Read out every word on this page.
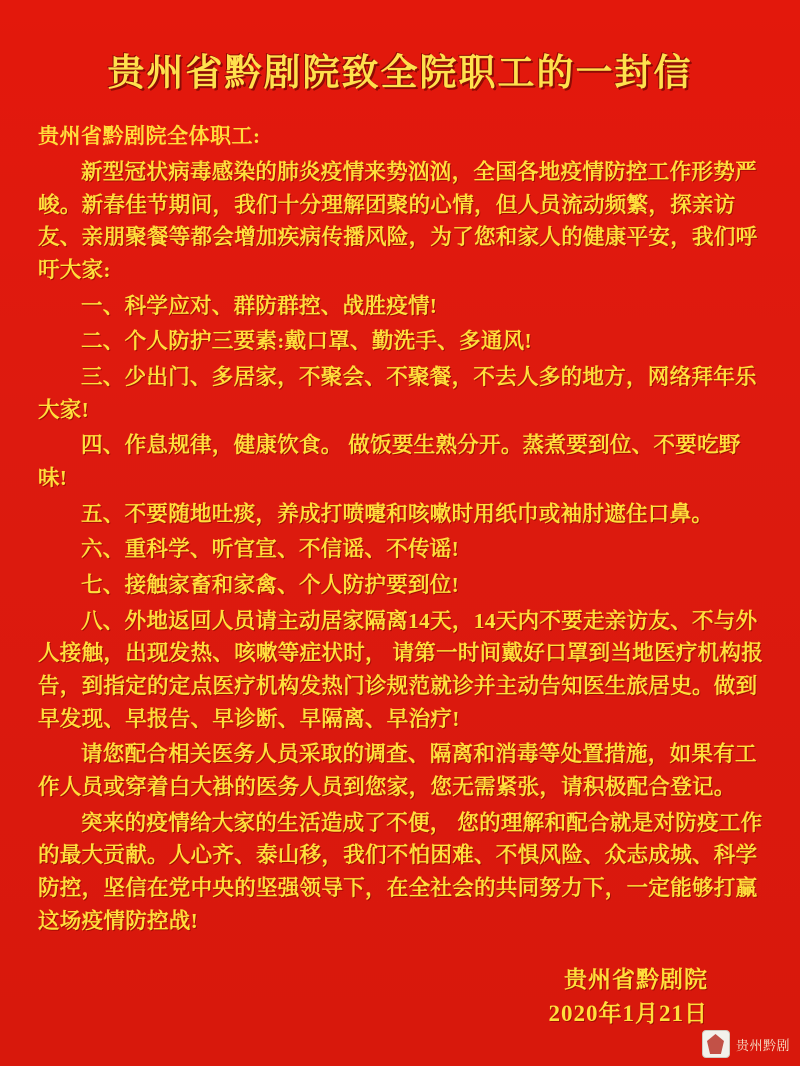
贵州省黔剧院致全院职工的一封信
贵州省黔剧院全体职工:

新型冠状病毒感染的肺炎疫情来势汹汹，全国各地疫情防控工作形势严峻。新春佳节期间，我们十分理解团聚的心情，但人员流动频繁，探亲访友、亲朋聚餐等都会增加疾病传播风险，为了您和家人的健康平安，我们呼吁大家:

一、科学应对、群防群控、战胜疫情!

二、个人防护三要素:戴口罩、勤洗手、多通风!

三、少出门、多居家，不聚会、不聚餐，不去人多的地方，网络拜年乐大家!

四、作息规律，健康饮食。 做饭要生熟分开。蒸煮要到位、不要吃野味!

五、不要随地吐痰，养成打喷嚏和咳嗽时用纸巾或袖肘遮住口鼻。

六、重科学、听官宣、不信谣、不传谣!

七、接触家畜和家禽、个人防护要到位!

八、外地返回人员请主动居家隔离14天，14天内不要走亲访友、不与外人接触，出现发热、咳嗽等症状时， 请第一时间戴好口罩到当地医疗机构报告，到指定的定点医疗机构发热门诊规范就诊并主动告知医生旅居史。做到早发现、早报告、早诊断、早隔离、早治疗!

请您配合相关医务人员采取的调查、隔离和消毒等处置措施，如果有工作人员或穿着白大褂的医务人员到您家，您无需紧张，请积极配合登记。

突来的疫情给大家的生活造成了不便， 您的理解和配合就是对防疫工作的最大贡献。人心齐、泰山移，我们不怕困难、不惧风险、众志成城、科学防控，坚信在党中央的坚强领导下，在全社会的共同努力下，一定能够打赢这场疫情防控战!

贵州省黔剧院
2020年1月21日
贵州黔剧
